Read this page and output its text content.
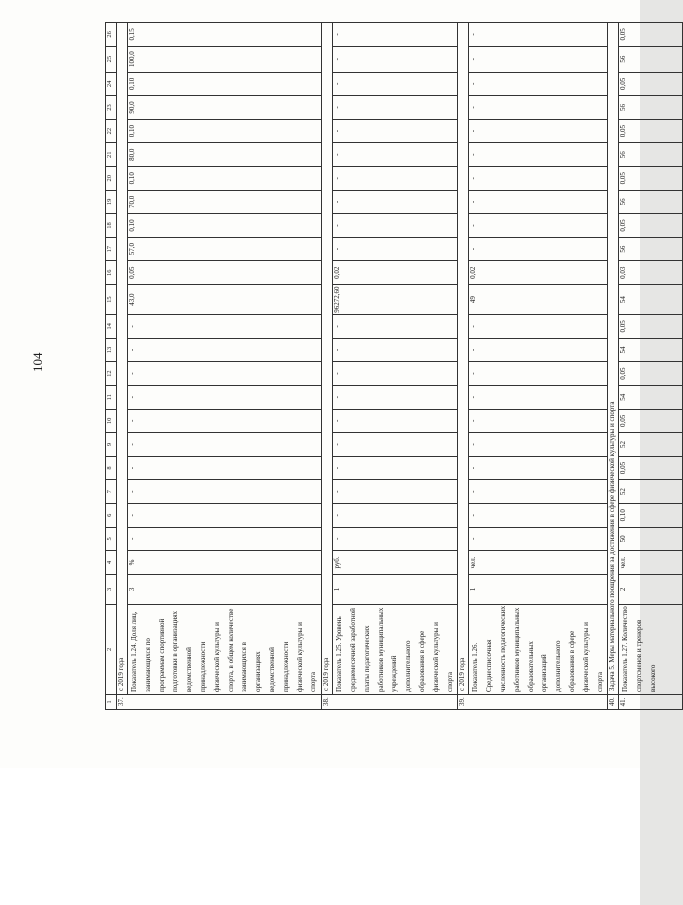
104
1	2	3	4	5	6	7	8	9	10	11	12	13	14	15	16	17	18	19	20	21	22	23	24	25	26
37.	с 2019 года																								
	Показатель 1.24. Доля лиц, занимающихся по программам спортивной подготовки в организациях ведомственной принадлежности физической культуры и спорта, в общем количестве занимающихся в организациях ведомственной принадлежности физической культуры и спорта	3	%	-	-	-	-	-	-	-	-	-	-	43,0	0,05	57,0	0,10	70,0	0,10	80,0	0,10	90,0	0,10	100,0	0,15
38.	с 2019 года																								
	Показатель 1.25. Уровень среднемесячной заработной платы педагогических работников муниципальных учреждений дополнительного образования в сфере физической культуры и спорта	1	руб.	-	-	-	-	-	-	-	-	-	-	96272,60	0,02	-	-	-	-	-	-	-	-	-	-
39.	с 2019 года																								
	Показатель 1.26. Среднесписочная численность педагогических работников муниципальных образовательных организаций дополнительного образования в сфере физической культуры и спорта	1	чел.	-	-	-	-	-	-	-	-	-	-	49	0,02	-	-	-	-	-	-	-	-	-	-
40.	Задача 5. Меры материального поощрения за достижения в сфере физической культуры и спорта																								
41.	Показатель 1.27. Количество спортсменов и тренеров высокого	2	чел.	50	0,10	52	0,05	52	0,05	54	0,05	54	0,05	54	0,03	56	0,05	56	0,05	56	0,05	56	0,05	56	0,05
